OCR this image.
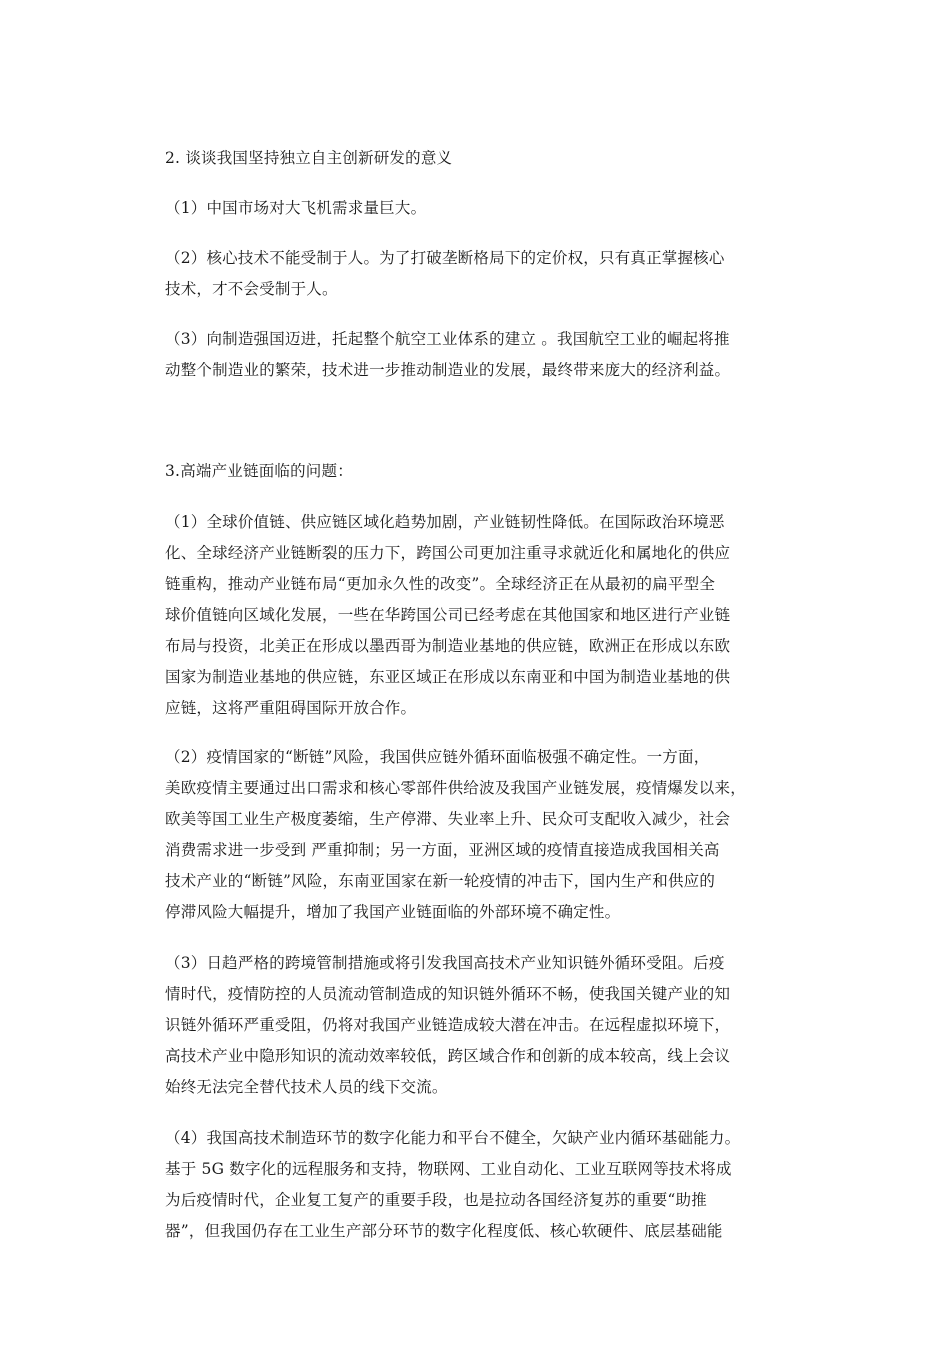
2. 谈谈我国坚持独立自主创新研发的意义

（1）中国市场对大飞机需求量巨大。

（2）核心技术不能受制于人。为了打破垄断格局下的定价权，只有真正掌握核心
技术，才不会受制于人。

（3）向制造强国迈进，托起整个航空工业体系的建立 。我国航空工业的崛起将推
动整个制造业的繁荣，技术进一步推动制造业的发展，最终带来庞大的经济利益。

3.高端产业链面临的问题：

（1）全球价值链、供应链区域化趋势加剧，产业链韧性降低。在国际政治环境恶
化、全球经济产业链断裂的压力下，跨国公司更加注重寻求就近化和属地化的供应
链重构，推动产业链布局“更加永久性的改变”。全球经济正在从最初的扁平型全
球价值链向区域化发展，一些在华跨国公司已经考虑在其他国家和地区进行产业链
布局与投资，北美正在形成以墨西哥为制造业基地的供应链，欧洲正在形成以东欧
国家为制造业基地的供应链，东亚区域正在形成以东南亚和中国为制造业基地的供
应链，这将严重阻碍国际开放合作。

（2）疫情国家的“断链”风险，我国供应链外循环面临极强不确定性。一方面，
美欧疫情主要通过出口需求和核心零部件供给波及我国产业链发展，疫情爆发以来，
欧美等国工业生产极度萎缩，生产停滞、失业率上升、民众可支配收入减少，社会
消费需求进一步受到 严重抑制；另一方面，亚洲区域的疫情直接造成我国相关高
技术产业的“断链”风险，东南亚国家在新一轮疫情的冲击下，国内生产和供应的
停滞风险大幅提升，增加了我国产业链面临的外部环境不确定性。

（3）日趋严格的跨境管制措施或将引发我国高技术产业知识链外循环受阻。后疫
情时代，疫情防控的人员流动管制造成的知识链外循环不畅，使我国关键产业的知
识链外循环严重受阻，仍将对我国产业链造成较大潜在冲击。在远程虚拟环境下，
高技术产业中隐形知识的流动效率较低，跨区域合作和创新的成本较高，线上会议
始终无法完全替代技术人员的线下交流。

（4）我国高技术制造环节的数字化能力和平台不健全，欠缺产业内循环基础能力。
基于 5G 数字化的远程服务和支持，物联网、工业自动化、工业互联网等技术将成
为后疫情时代，企业复工复产的重要手段，也是拉动各国经济复苏的重要“助推
器”，但我国仍存在工业生产部分环节的数字化程度低、核心软硬件、底层基础能
